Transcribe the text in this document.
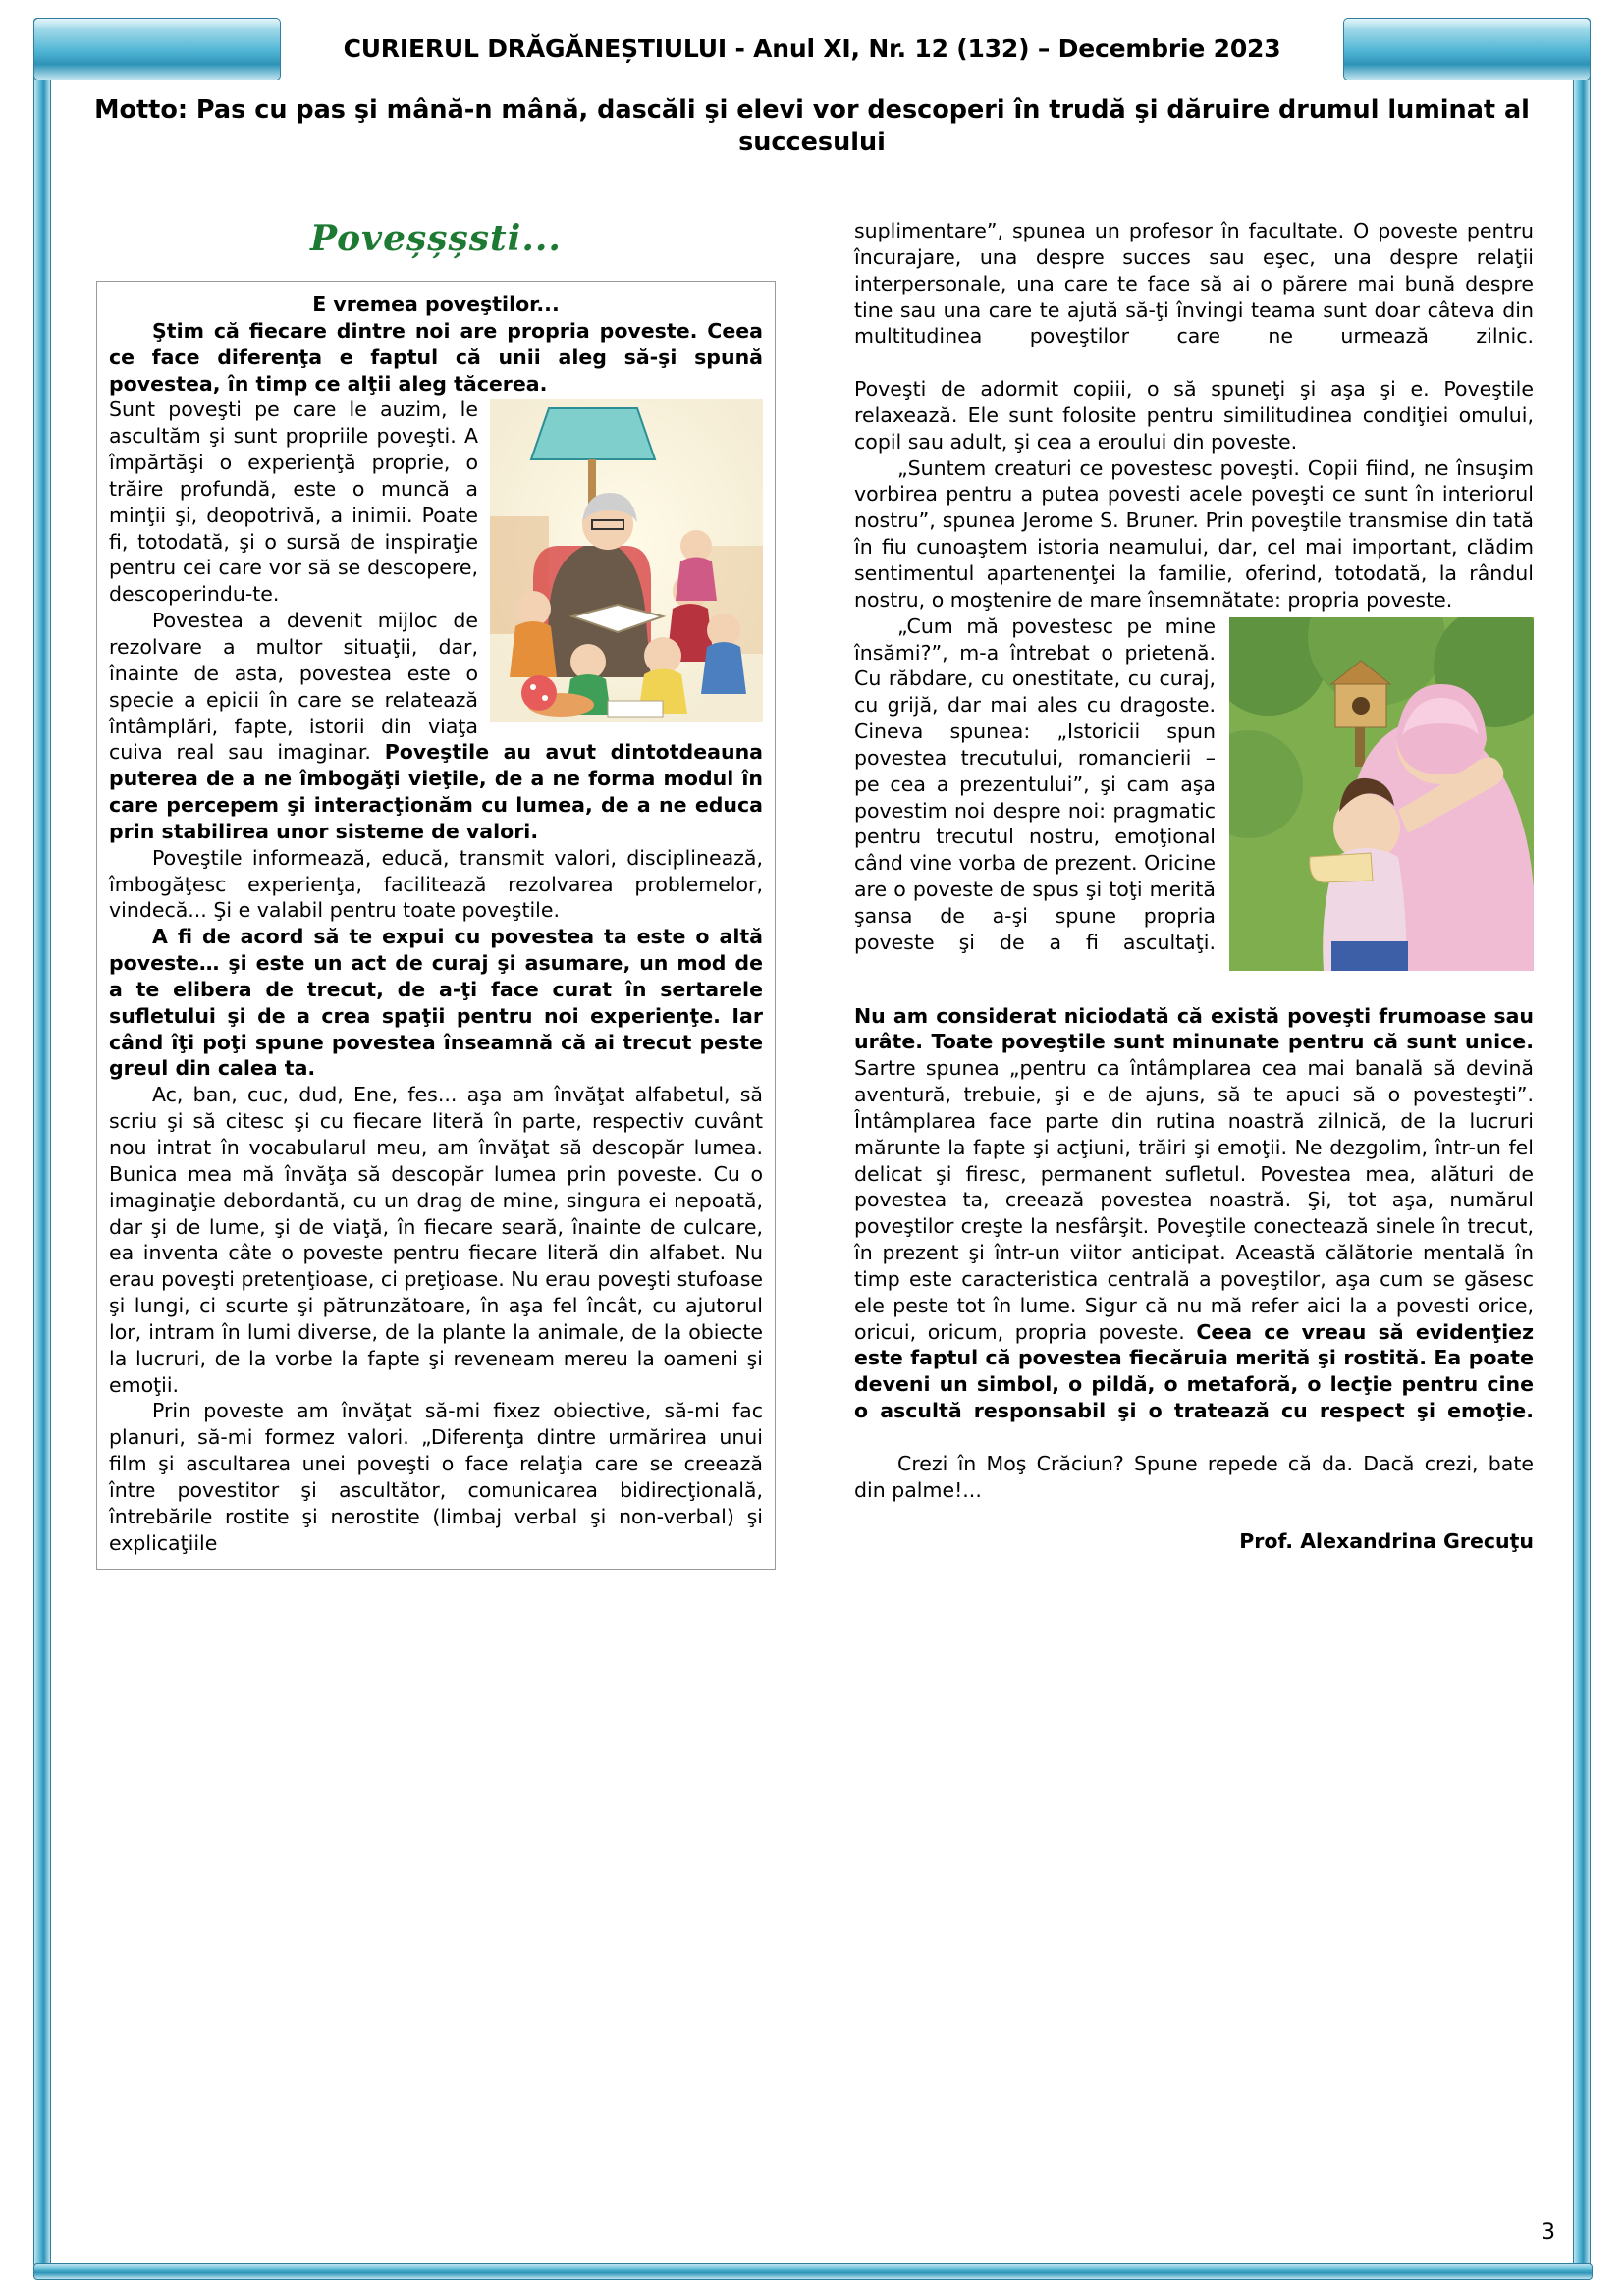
CURIERUL DRĂGĂNEȘTIULUI - Anul XI, Nr. 12 (132) – Decembrie 2023
Motto: Pas cu pas şi mână-n mână, dascăli şi elevi vor descoperi în trudă şi dăruire drumul luminat al succesului
Poveșșșsti...

E vremea poveştilor...

Ştim că fiecare dintre noi are propria poveste. Ceea ce face diferenţa e faptul că unii aleg să-şi spună povestea, în timp ce alţii aleg tăcerea.

Sunt poveşti pe care le auzim, le ascultăm şi sunt propriile poveşti. A împărtăşi o experienţă proprie, o trăire profundă, este o muncă a minţii şi, deopotrivă, a inimii. Poate fi, totodată, şi o sursă de inspiraţie pentru cei care vor să se descopere, descoperindu-te.

Povestea a devenit mijloc de rezolvare a multor situaţii, dar, înainte de asta, povestea este o specie a epicii în care se relatează întâmplări, fapte, istorii din viaţa cuiva real sau imaginar. Poveştile au avut dintotdeauna puterea de a ne îmbogăţi vieţile, de a ne forma modul în care percepem şi interacţionăm cu lumea, de a ne educa prin stabilirea unor sisteme de valori.

Poveştile informează, educă, transmit valori, disciplinează, îmbogăţesc experienţa, facilitează rezolvarea problemelor, vindecă... Şi e valabil pentru toate poveştile.

A fi de acord să te expui cu povestea ta este o altă poveste… şi este un act de curaj şi asumare, un mod de a te elibera de trecut, de a-ţi face curat în sertarele sufletului şi de a crea spaţii pentru noi experienţe. Iar când îţi poţi spune povestea înseamnă că ai trecut peste greul din calea ta.

Ac, ban, cuc, dud, Ene, fes... aşa am învăţat alfabetul, să scriu şi să citesc şi cu fiecare literă în parte, respectiv cuvânt nou intrat în vocabularul meu, am învăţat să descopăr lumea. Bunica mea mă învăţa să descopăr lumea prin poveste. Cu o imaginaţie debordantă, cu un drag de mine, singura ei nepoată, dar şi de lume, şi de viaţă, în fiecare seară, înainte de culcare, ea inventa câte o poveste pentru fiecare literă din alfabet. Nu erau poveşti pretenţioase, ci preţioase. Nu erau poveşti stufoase şi lungi, ci scurte şi pătrunzătoare, în aşa fel încât, cu ajutorul lor, intram în lumi diverse, de la plante la animale, de la obiecte la lucruri, de la vorbe la fapte şi reveneam mereu la oameni şi emoţii.

Prin poveste am învăţat să-mi fixez obiective, să-mi fac planuri, să-mi formez valori. „Diferenţa dintre urmărirea unui film şi ascultarea unei poveşti o face relaţia care se creează între povestitor şi ascultător, comunicarea bidirecţională, întrebările rostite şi nerostite (limbaj verbal şi non-verbal) şi explicaţiile

suplimentare”, spunea un profesor în facultate. O poveste pentru încurajare, una despre succes sau eşec, una despre relaţii interpersonale, una care te face să ai o părere mai bună despre tine sau una care te ajută să-ţi învingi teama sunt doar câteva din multitudinea poveştilor care ne urmează zilnic.

Poveşti de adormit copiii, o să spuneţi şi aşa şi e. Poveştile relaxează. Ele sunt folosite pentru similitudinea condiţiei omului, copil sau adult, şi cea a eroului din poveste.

„Suntem creaturi ce povestesc poveşti. Copii fiind, ne însuşim vorbirea pentru a putea povesti acele poveşti ce sunt în interiorul nostru”, spunea Jerome S. Bruner. Prin poveştile transmise din tată în fiu cunoaştem istoria neamului, dar, cel mai important, clădim sentimentul apartenenţei la familie, oferind, totodată, la rândul nostru, o moştenire de mare însemnătate: propria poveste.

„Cum mă povestesc pe mine însămi?”, m-a întrebat o prietenă. Cu răbdare, cu onestitate, cu curaj, cu grijă, dar mai ales cu dragoste. Cineva spunea: „Istoricii spun povestea trecutului, romancierii – pe cea a prezentului”, şi cam aşa povestim noi despre noi: pragmatic pentru trecutul nostru, emoţional când vine vorba de prezent. Oricine are o poveste de spus şi toţi merită şansa de a-şi spune propria poveste şi de a fi ascultaţi.

Nu am considerat niciodată că există poveşti frumoase sau urâte. Toate poveştile sunt minunate pentru că sunt unice. Sartre spunea „pentru ca întâmplarea cea mai banală să devină aventură, trebuie, şi e de ajuns, să te apuci să o povesteşti”. Întâmplarea face parte din rutina noastră zilnică, de la lucruri mărunte la fapte şi acţiuni, trăiri şi emoţii. Ne dezgolim, într-un fel delicat şi firesc, permanent sufletul. Povestea mea, alături de povestea ta, creează povestea noastră. Şi, tot aşa, numărul poveştilor creşte la nesfârşit. Poveştile conectează sinele în trecut, în prezent şi într-un viitor anticipat. Această călătorie mentală în timp este caracteristica centrală a poveştilor, aşa cum se găsesc ele peste tot în lume. Sigur că nu mă refer aici la a povesti orice, oricui, oricum, propria poveste. Ceea ce vreau să evidenţiez este faptul că povestea fiecăruia merită şi rostită. Ea poate deveni un simbol, o pildă, o metaforă, o lecţie pentru cine o ascultă responsabil şi o tratează cu respect şi emoţie.

Crezi în Moş Crăciun? Spune repede că da. Dacă crezi, bate din palme!...

Prof. Alexandrina Grecuţu
3
